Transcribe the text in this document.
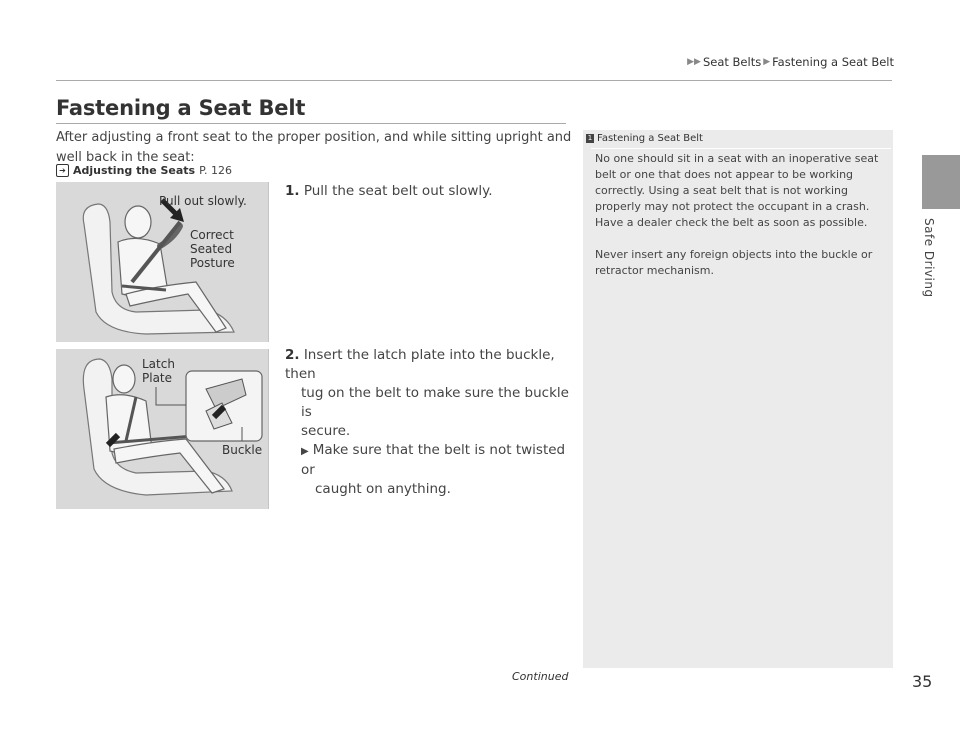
▶▶ Seat Belts ▶ Fastening a Seat Belt
Fastening a Seat Belt
After adjusting a front seat to the proper position, and while sitting upright and well back in the seat:
➔ Adjusting the Seats P. 126
Pull out slowly.
Correct
Seated
Posture
Latch
Plate
Buckle
1. Pull the seat belt out slowly.
2. Insert the latch plate into the buckle, then
tug on the belt to make sure the buckle is
secure.
▶ Make sure that the belt is not twisted or
caught on anything.
1 Fastening a Seat Belt

No one should sit in a seat with an inoperative seat belt or one that does not appear to be working correctly. Using a seat belt that is not working properly may not protect the occupant in a crash. Have a dealer check the belt as soon as possible.

Never insert any foreign objects into the buckle or retractor mechanism.	Safe Driving
Continued	35
